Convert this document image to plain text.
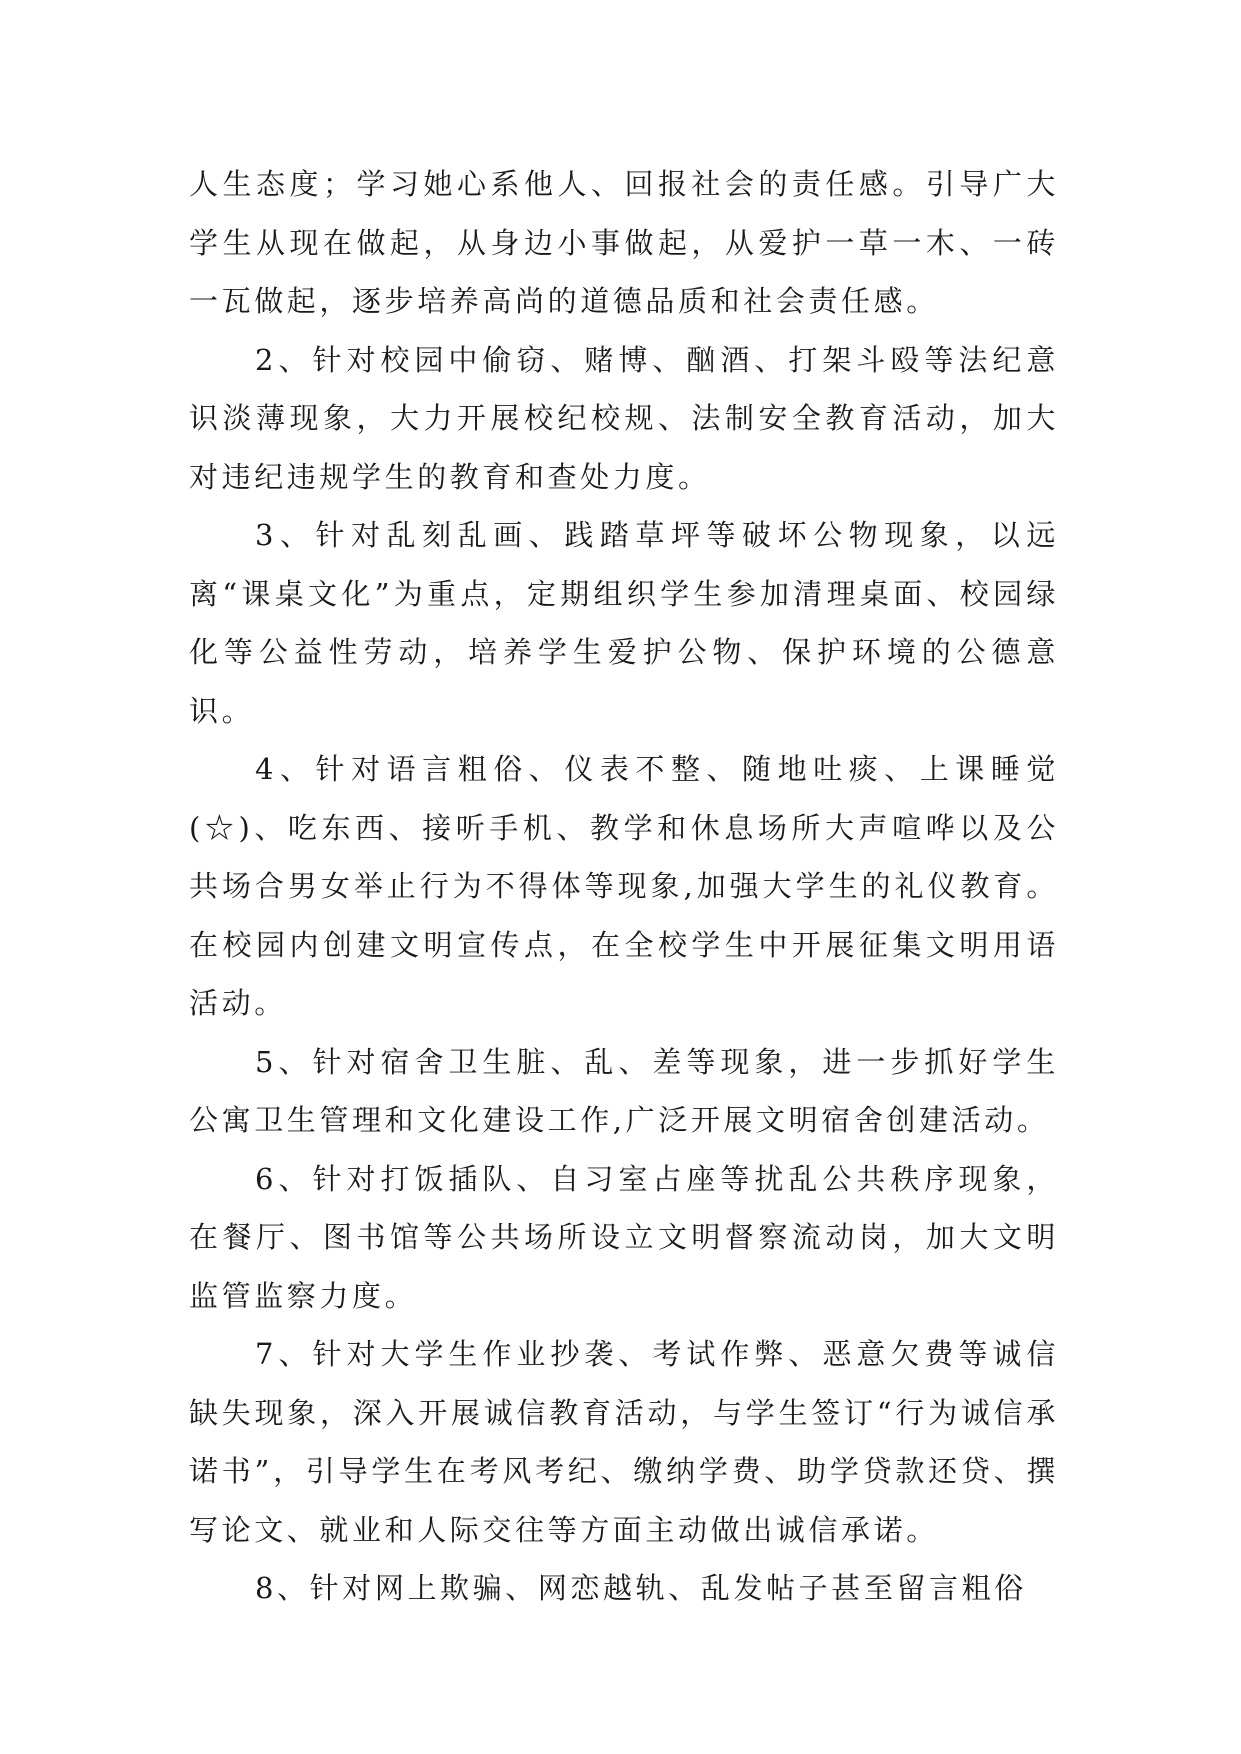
人生态度；学习她心系他人、回报社会的责任感。引导广大学生从现在做起，从身边小事做起，从爱护一草一木、一砖一瓦做起，逐步培养高尚的道德品质和社会责任感。

2、针对校园中偷窃、赌博、酗酒、打架斗殴等法纪意识淡薄现象，大力开展校纪校规、法制安全教育活动，加大对违纪违规学生的教育和查处力度。

3、针对乱刻乱画、践踏草坪等破坏公物现象，以远离“课桌文化”为重点，定期组织学生参加清理桌面、校园绿化等公益性劳动，培养学生爱护公物、保护环境的公德意识。

4、针对语言粗俗、仪表不整、随地吐痰、上课睡觉(☆)、吃东西、接听手机、教学和休息场所大声喧哗以及公共场合男女举止行为不得体等现象,加强大学生的礼仪教育。在校园内创建文明宣传点，在全校学生中开展征集文明用语活动。

5、针对宿舍卫生脏、乱、差等现象，进一步抓好学生公寓卫生管理和文化建设工作,广泛开展文明宿舍创建活动。

6、针对打饭插队、自习室占座等扰乱公共秩序现象，在餐厅、图书馆等公共场所设立文明督察流动岗，加大文明监管监察力度。

7、针对大学生作业抄袭、考试作弊、恶意欠费等诚信缺失现象，深入开展诚信教育活动，与学生签订“行为诚信承诺书”，引导学生在考风考纪、缴纳学费、助学贷款还贷、撰写论文、就业和人际交往等方面主动做出诚信承诺。

8、针对网上欺骗、网恋越轨、乱发帖子甚至留言粗俗
